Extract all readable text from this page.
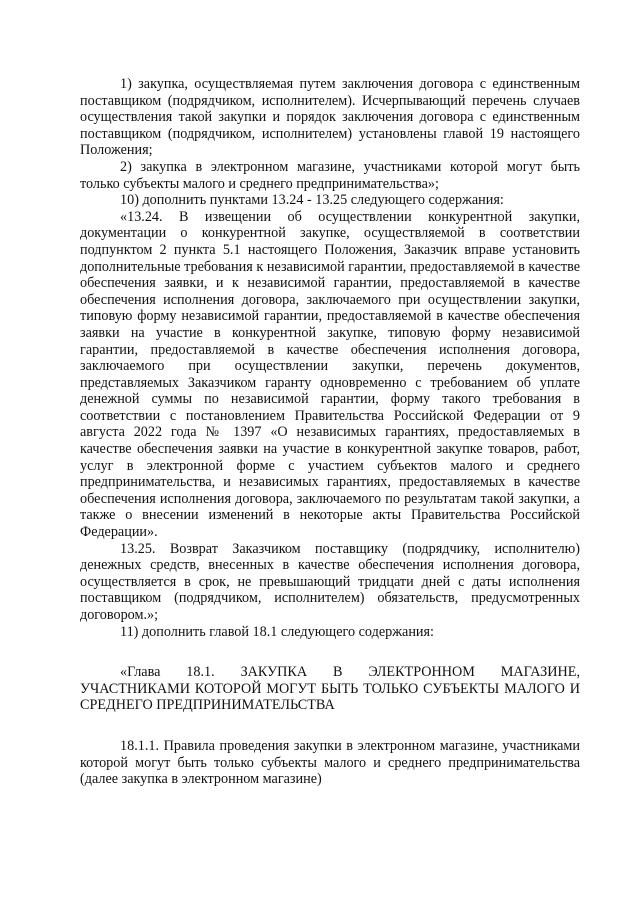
1) закупка, осуществляемая путем заключения договора с единственным поставщиком (подрядчиком, исполнителем). Исчерпывающий перечень случаев осуществления такой закупки и порядок заключения договора с единственным поставщиком (подрядчиком, исполнителем) установлены главой 19 настоящего Положения;

2) закупка в электронном магазине, участниками которой могут быть только субъекты малого и среднего предпринимательства»;

10) дополнить пунктами 13.24 - 13.25 следующего содержания:

«13.24. В извещении об осуществлении конкурентной закупки, документации о конкурентной закупке, осуществляемой в соответствии подпунктом 2 пункта 5.1 настоящего Положения, Заказчик вправе установить дополнительные требования к независимой гарантии, предоставляемой в качестве обеспечения заявки, и к независимой гарантии, предоставляемой в качестве обеспечения исполнения договора, заключаемого при осуществлении закупки, типовую форму независимой гарантии, предоставляемой в качестве обеспечения заявки на участие в конкурентной закупке, типовую форму независимой гарантии, предоставляемой в качестве обеспечения исполнения договора, заключаемого при осуществлении закупки, перечень документов, представляемых Заказчиком гаранту одновременно с требованием об уплате денежной суммы по независимой гарантии, форму такого требования в соответствии с постановлением Правительства Российской Федерации от 9 августа 2022 года № 1397 «О независимых гарантиях, предоставляемых в качестве обеспечения заявки на участие в конкурентной закупке товаров, работ, услуг в электронной форме с участием субъектов малого и среднего предпринимательства, и независимых гарантиях, предоставляемых в качестве обеспечения исполнения договора, заключаемого по результатам такой закупки, а также о внесении изменений в некоторые акты Правительства Российской Федерации».

13.25. Возврат Заказчиком поставщику (подрядчику, исполнителю) денежных средств, внесенных в качестве обеспечения исполнения договора, осуществляется в срок, не превышающий тридцати дней с даты исполнения поставщиком (подрядчиком, исполнителем) обязательств, предусмотренных договором.»;

11) дополнить главой 18.1 следующего содержания:

«Глава 18.1. ЗАКУПКА В ЭЛЕКТРОННОМ МАГАЗИНЕ, УЧАСТНИКАМИ КОТОРОЙ МОГУТ БЫТЬ ТОЛЬКО СУБЪЕКТЫ МАЛОГО И СРЕДНЕГО ПРЕДПРИНИМАТЕЛЬСТВА

18.1.1. Правила проведения закупки в электронном магазине, участниками которой могут быть только субъекты малого и среднего предпринимательства (далее закупка в электронном магазине)
